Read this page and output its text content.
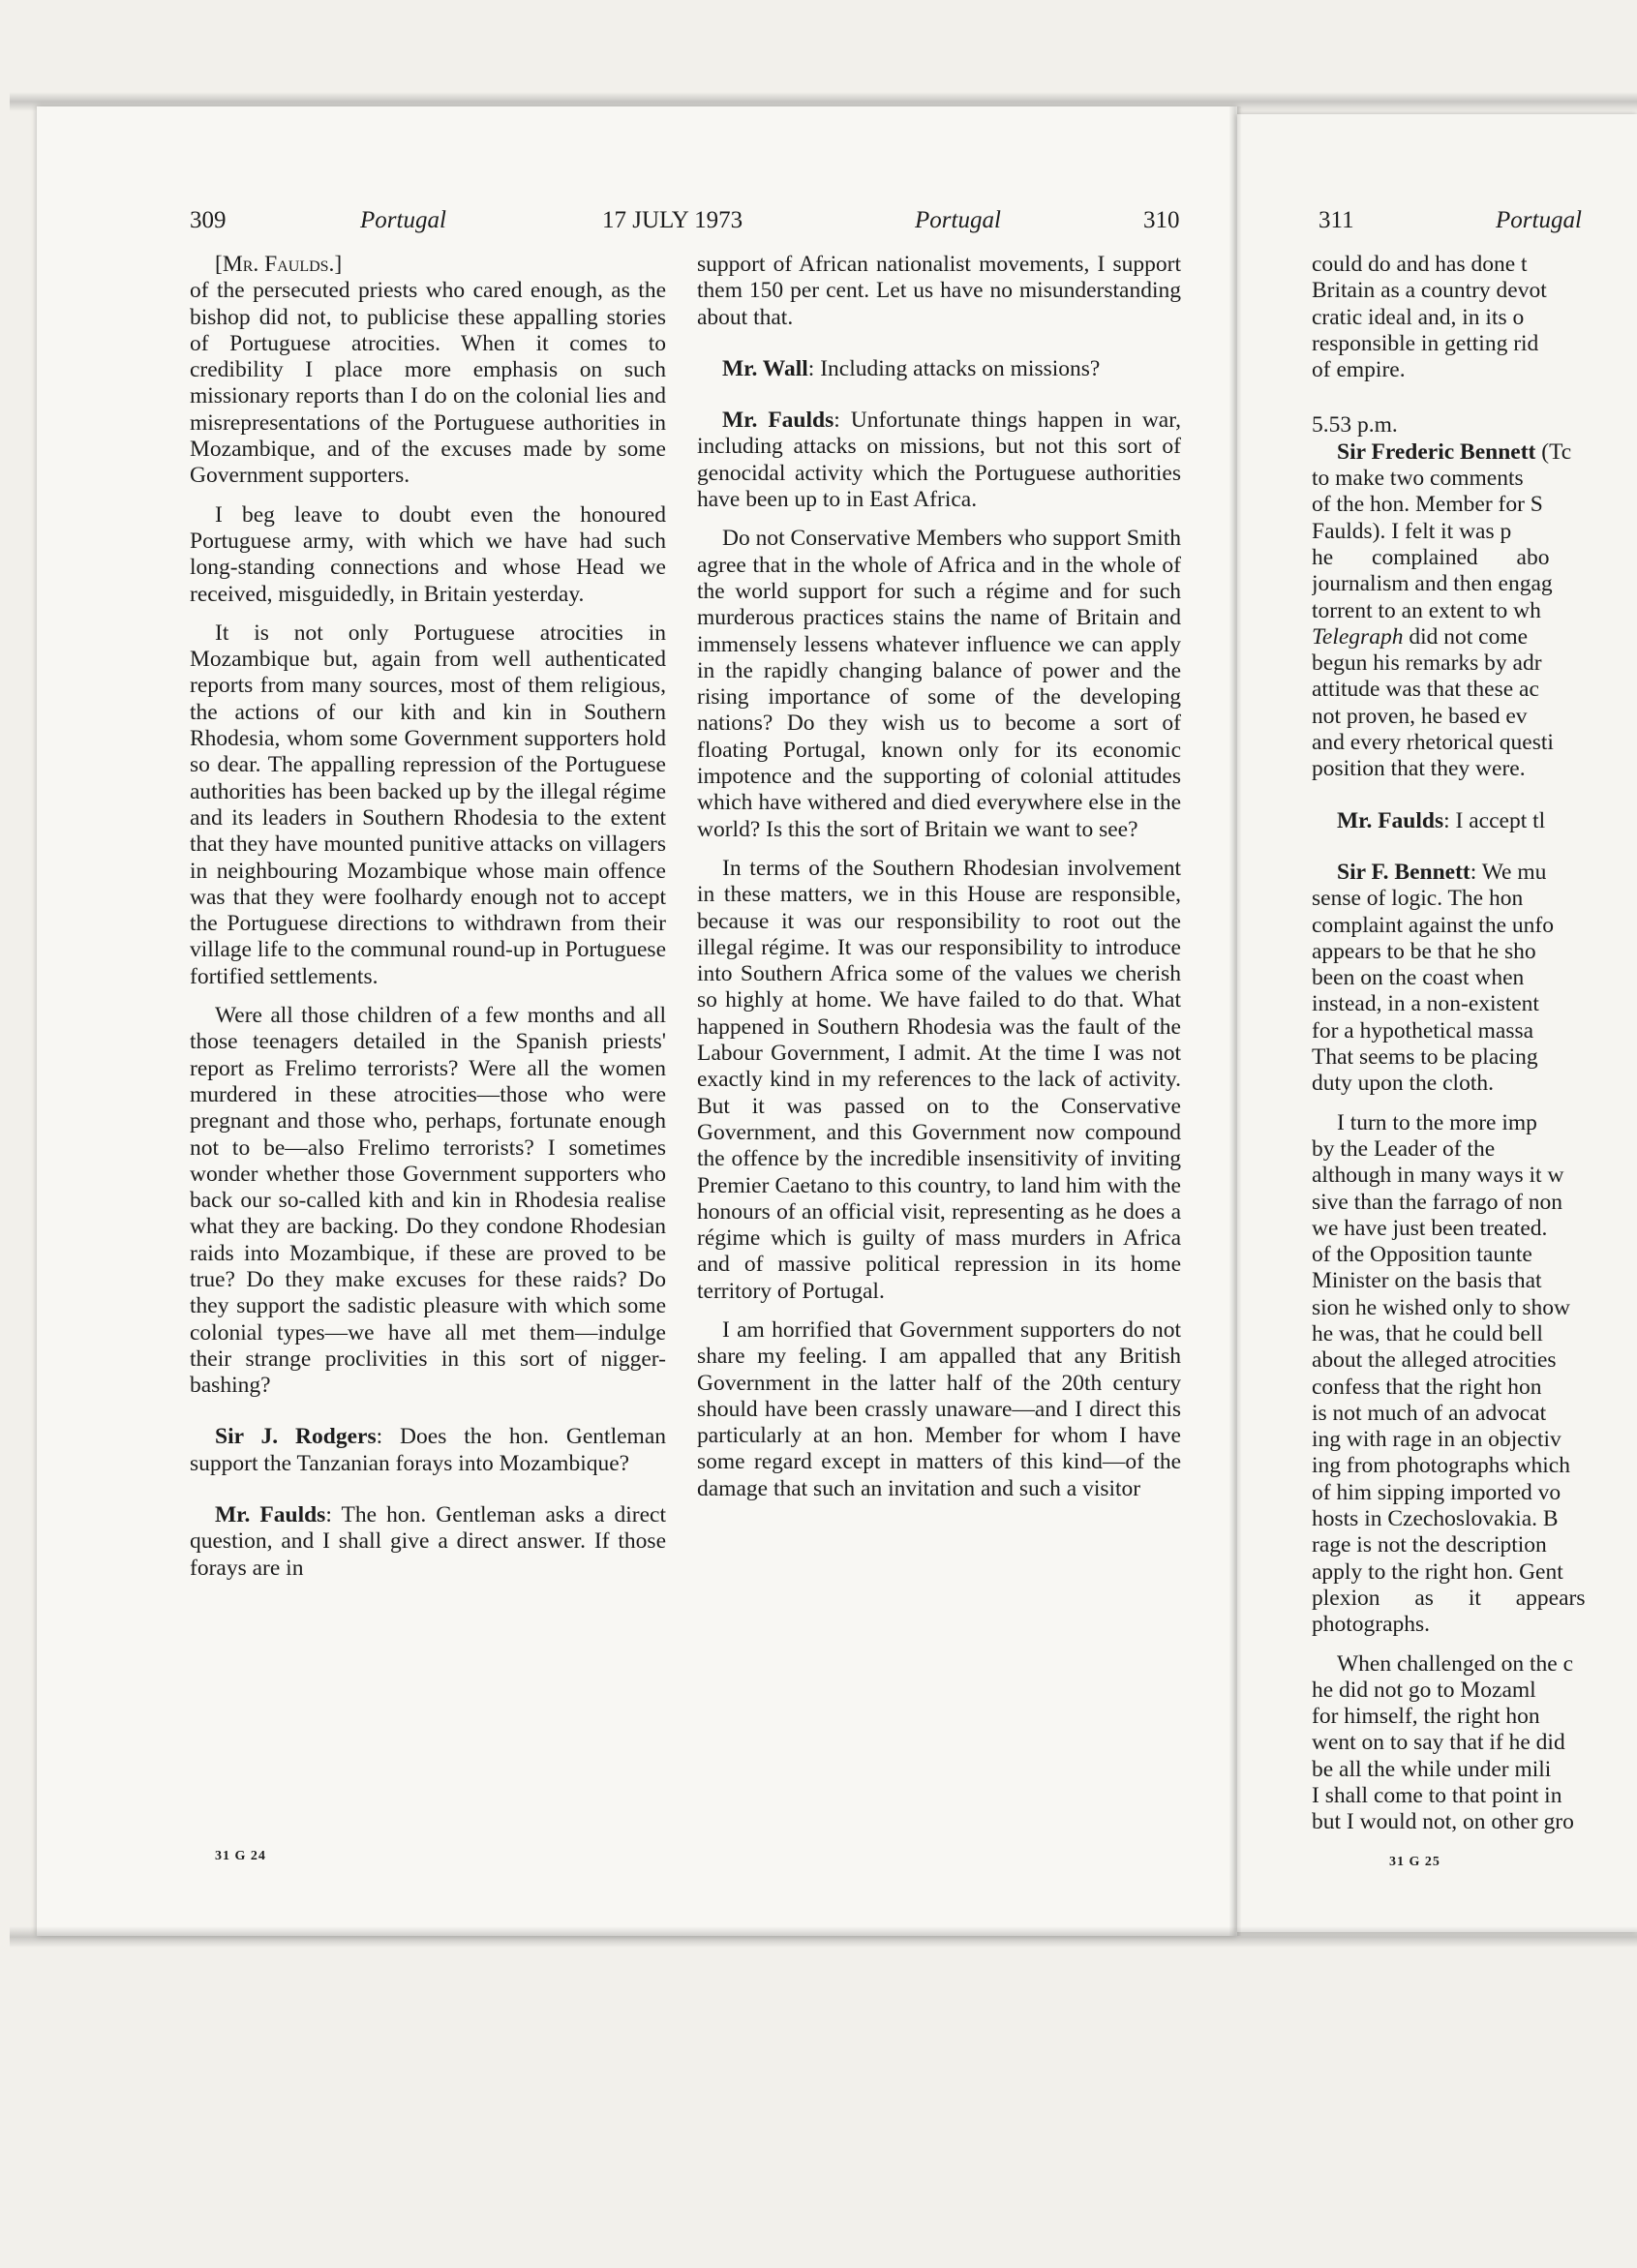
309	Portugal	17 JULY 1973	Portugal	310	311	Portugal

[Mr. Faulds.]

of the persecuted priests who cared enough, as the bishop did not, to publicise these appalling stories of Portuguese atrocities. When it comes to credibility I place more emphasis on such missionary reports than I do on the colonial lies and misrepresentations of the Portuguese authorities in Mozambique, and of the excuses made by some Government supporters.

I beg leave to doubt even the honoured Portuguese army, with which we have had such long-standing connections and whose Head we received, misguidedly, in Britain yesterday.

It is not only Portuguese atrocities in Mozambique but, again from well authenticated reports from many sources, most of them religious, the actions of our kith and kin in Southern Rhodesia, whom some Government supporters hold so dear. The appalling repression of the Portuguese authorities has been backed up by the illegal régime and its leaders in Southern Rhodesia to the extent that they have mounted punitive attacks on villagers in neighbouring Mozambique whose main offence was that they were foolhardy enough not to accept the Portuguese directions to withdrawn from their village life to the communal round-up in Portuguese fortified settlements.

Were all those children of a few months and all those teenagers detailed in the Spanish priests' report as Frelimo terrorists? Were all the women murdered in these atrocities—those who were pregnant and those who, perhaps, fortunate enough not to be—also Frelimo terrorists? I sometimes wonder whether those Government supporters who back our so-called kith and kin in Rhodesia realise what they are backing. Do they condone Rhodesian raids into Mozambique, if these are proved to be true? Do they make excuses for these raids? Do they support the sadistic pleasure with which some colonial types—we have all met them—indulge their strange proclivities in this sort of nigger-bashing?

Sir J. Rodgers: Does the hon. Gentleman support the Tanzanian forays into Mozambique?

Mr. Faulds: The hon. Gentleman asks a direct question, and I shall give a direct answer. If those forays are in

31 G 24

support of African nationalist movements, I support them 150 per cent. Let us have no misunderstanding about that.

Mr. Wall: Including attacks on missions?

Mr. Faulds: Unfortunate things happen in war, including attacks on missions, but not this sort of genocidal activity which the Portuguese authorities have been up to in East Africa.

Do not Conservative Members who support Smith agree that in the whole of Africa and in the whole of the world support for such a régime and for such murderous practices stains the name of Britain and immensely lessens whatever influence we can apply in the rapidly changing balance of power and the rising importance of some of the developing nations? Do they wish us to become a sort of floating Portugal, known only for its economic impotence and the supporting of colonial attitudes which have withered and died everywhere else in the world? Is this the sort of Britain we want to see?

In terms of the Southern Rhodesian involvement in these matters, we in this House are responsible, because it was our responsibility to root out the illegal régime. It was our responsibility to introduce into Southern Africa some of the values we cherish so highly at home. We have failed to do that. What happened in Southern Rhodesia was the fault of the Labour Government, I admit. At the time I was not exactly kind in my references to the lack of activity. But it was passed on to the Conservative Government, and this Government now compound the offence by the incredible insensitivity of inviting Premier Caetano to this country, to land him with the honours of an official visit, representing as he does a régime which is guilty of mass murders in Africa and of massive political repression in its home territory of Portugal.

I am horrified that Government supporters do not share my feeling. I am appalled that any British Government in the latter half of the 20th century should have been crassly unaware—and I direct this particularly at an hon. Member for whom I have some regard except in matters of this kind—of the damage that such an invitation and such a visitor

could do and has done t

Britain as a country devot

cratic ideal and, in its o

responsible in getting rid

of empire.

5.53 p.m.

Sir Frederic Bennett (Tc

to make two comments

of the hon. Member for S

Faulds). I felt it was p

he complained abo

journalism and then engag

torrent to an extent to wh

Telegraph did not come

begun his remarks by adr

attitude was that these ac

not proven, he based ev

and every rhetorical questi

position that they were.

Mr. Faulds: I accept tl

Sir F. Bennett: We mu

sense of logic. The hon

complaint against the unfo

appears to be that he sho

been on the coast when

instead, in a non-existent

for a hypothetical massa

That seems to be placing

duty upon the cloth.

I turn to the more imp

by the Leader of the

although in many ways it w

sive than the farrago of non

we have just been treated.

of the Opposition taunte

Minister on the basis that

sion he wished only to show

he was, that he could bell

about the alleged atrocities

confess that the right hon

is not much of an advocat

ing with rage in an objectiv

ing from photographs which

of him sipping imported vo

hosts in Czechoslovakia. B

rage is not the description

apply to the right hon. Gent

plexion as it appears

photographs.

When challenged on the c

he did not go to Mozaml

for himself, the right hon

went on to say that if he did

be all the while under mili

I shall come to that point in

but I would not, on other gro

31 G 25
